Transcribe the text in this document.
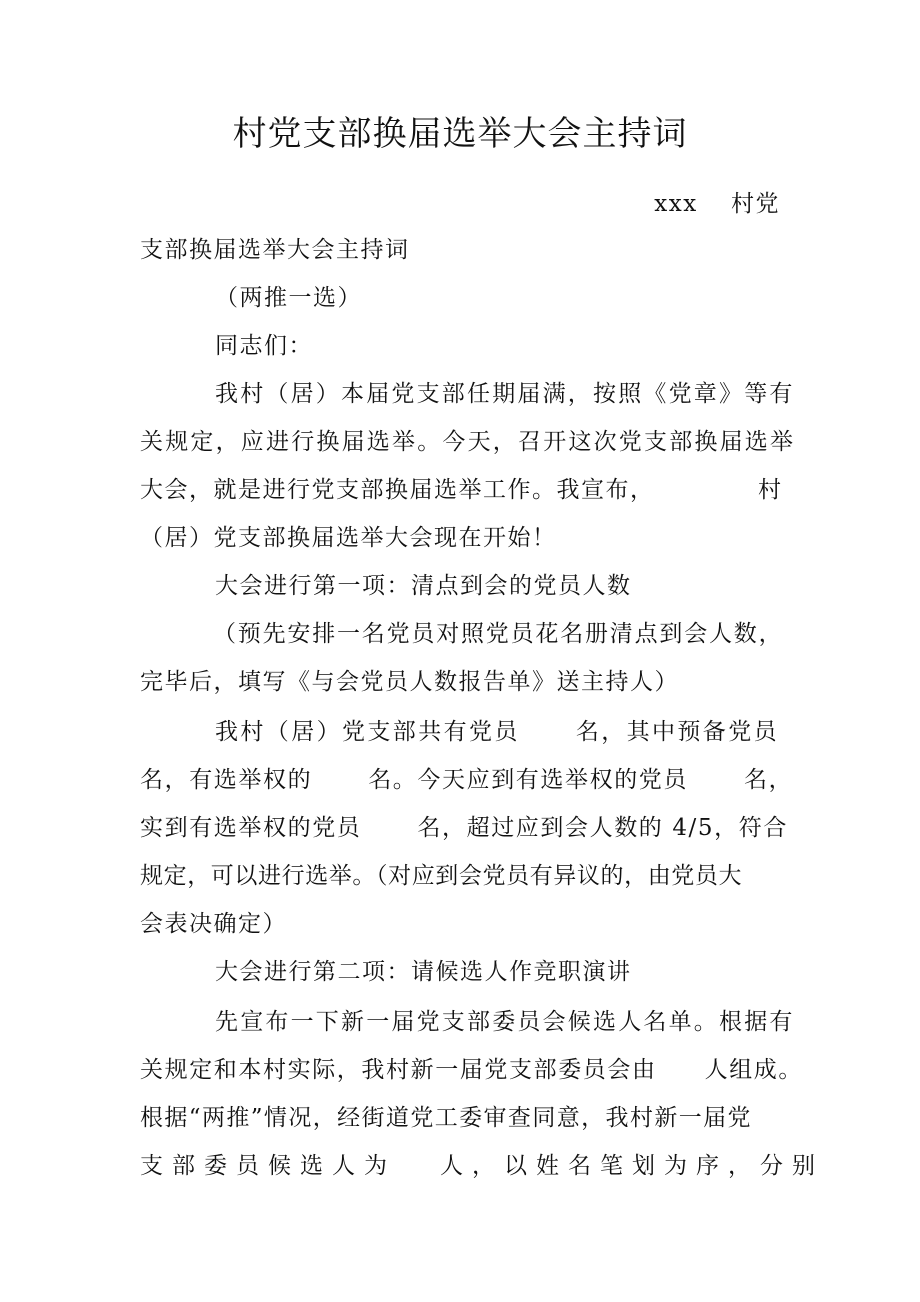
村党支部换届选举大会主持词
xxx　 村党
支部换届选举大会主持词
（两推一选）
同志们：
我村（居）本届党支部任期届满，按照《党章》等有
关规定，应进行换届选举。今天，召开这次党支部换届选举
大会，就是进行党支部换届选举工作。我宣布，	村
（居）党支部换届选举大会现在开始！
大会进行第一项：清点到会的党员人数
（预先安排一名党员对照党员花名册清点到会人数，
完毕后，填写《与会党员人数报告单》送主持人）
我村（居）党支部共有党员 名，其中预备党员
名，有选举权的 名。今天应到有选举权的党员 名，
实到有选举权的党员 名，超过应到会人数的 4/5，符合
规定，可以进行选举。（对应到会党员有异议的，由党员大
会表决确定）
大会进行第二项：请候选人作竞职演讲
先宣布一下新一届党支部委员会候选人名单。根据有
关规定和本村实际，我村新一届党支部委员会由 人组成。
根据“两推”情况，经街道党工委审查同意，我村新一届党
支部委员候选人为 人，以姓名笔划为序，分别
